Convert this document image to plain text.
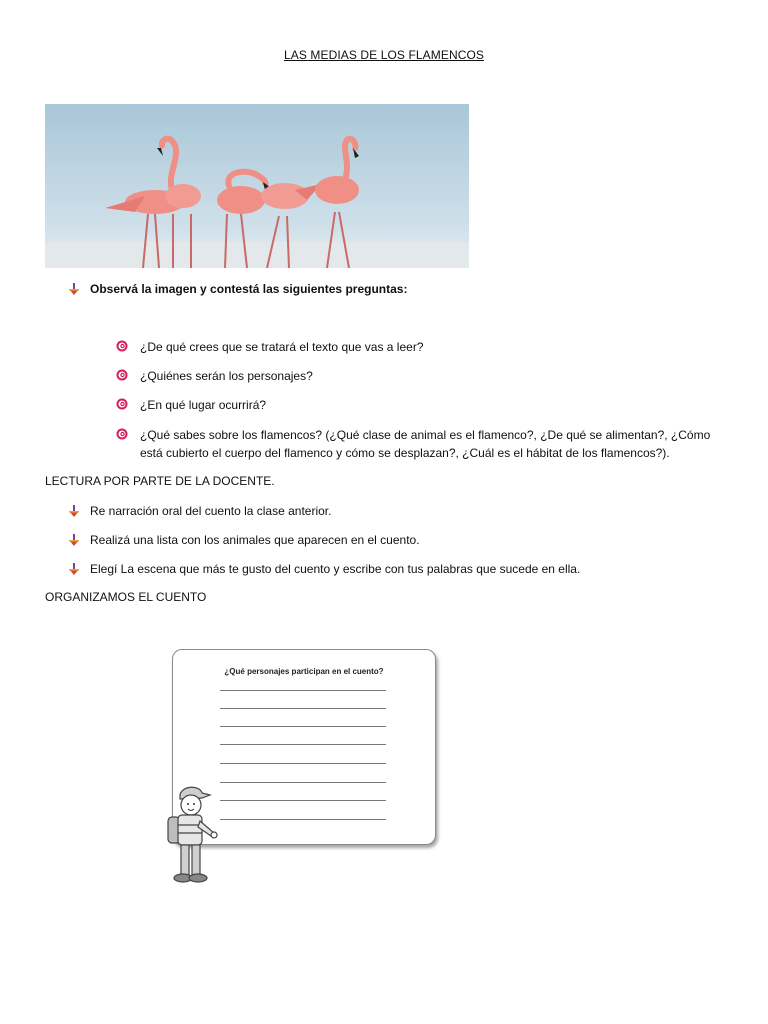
LAS MEDIAS DE LOS FLAMENCOS
Observá la imagen y contestá las siguientes preguntas:
¿De qué crees que se tratará el texto que vas a leer?
¿Quiénes serán los personajes?
¿En qué lugar ocurrirá?
¿Qué sabes sobre los flamencos? (¿Qué clase de animal es el flamenco?, ¿De qué se alimentan?, ¿Cómo está cubierto el cuerpo del flamenco y cómo se desplazan?, ¿Cuál es el hábitat de los flamencos?).
LECTURA POR PARTE DE LA DOCENTE.
Re narración oral del cuento la clase anterior.
Realizá una lista con los animales que aparecen en el cuento.
Elegí La escena que más te gusto del cuento y escribe con tus palabras que sucede en ella.
ORGANIZAMOS EL CUENTO
¿Qué personajes participan en el cuento?
